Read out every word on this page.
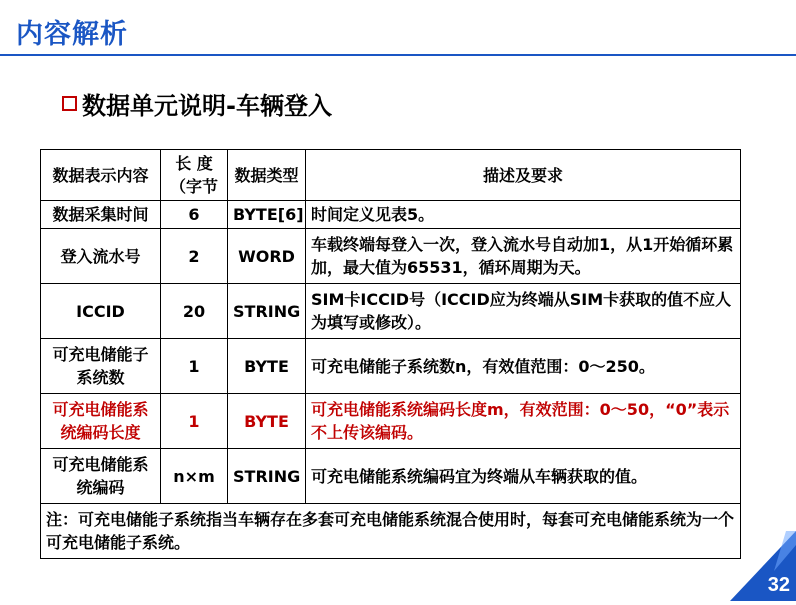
内容解析
数据单元说明-车辆登入
数据表示内容	长 度（字节	数据类型	描述及要求
数据采集时间	6	BYTE[6]	时间定义见表5。
登入流水号	2	WORD	车载终端每登入一次，登入流水号自动加1，从1开始循环累加，最大值为65531，循环周期为天。
ICCID	20	STRING	SIM卡ICCID号（ICCID应为终端从SIM卡获取的值不应人为填写或修改）。
可充电储能子系统数	1	BYTE	可充电储能子系统数n，有效值范围：0～250。
可充电储能系统编码长度	1	BYTE	可充电储能系统编码长度m，有效范围：0～50，“0”表示不上传该编码。
可充电储能系统编码	n×m	STRING	可充电储能系统编码宜为终端从车辆获取的值。
注：可充电储能子系统指当车辆存在多套可充电储能系统混合使用时，每套可充电储能系统为一个可充电储能子系统。			
32
